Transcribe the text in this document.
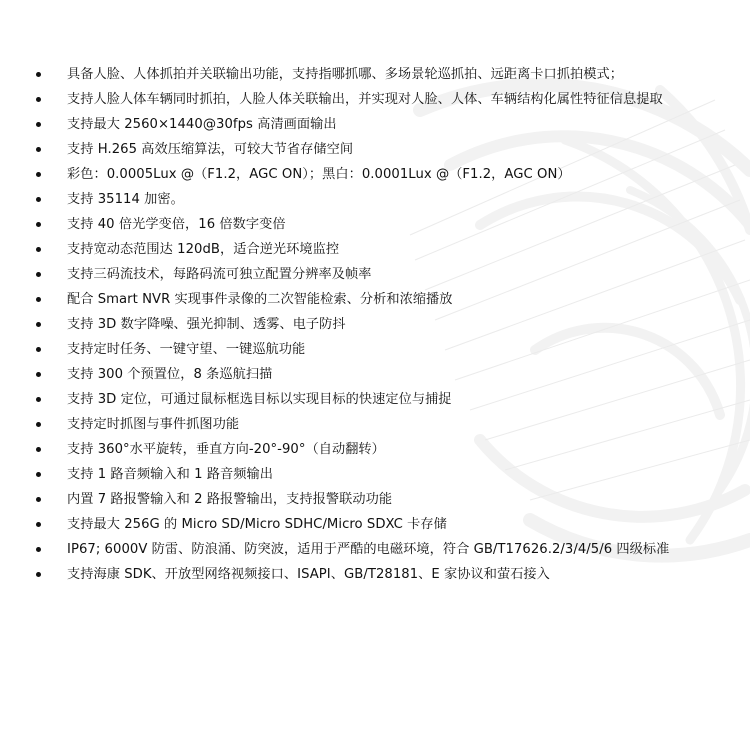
具备人脸、人体抓拍并关联输出功能，支持指哪抓哪、多场景轮巡抓拍、远距离卡口抓拍模式；
支持人脸人体车辆同时抓拍，人脸人体关联输出，并实现对人脸、人体、车辆结构化属性特征信息提取
支持最大 2560×1440@30fps 高清画面输出
支持 H.265 高效压缩算法，可较大节省存储空间
彩色：0.0005Lux @（F1.2，AGC ON）；黑白：0.0001Lux @（F1.2，AGC ON）
支持 35114 加密。
支持 40 倍光学变倍，16 倍数字变倍
支持宽动态范围达 120dB，适合逆光环境监控
支持三码流技术，每路码流可独立配置分辨率及帧率
配合 Smart NVR 实现事件录像的二次智能检索、分析和浓缩播放
支持 3D 数字降噪、强光抑制、透雾、电子防抖
支持定时任务、一键守望、一键巡航功能
支持 300 个预置位，8 条巡航扫描
支持 3D 定位，可通过鼠标框选目标以实现目标的快速定位与捕捉
支持定时抓图与事件抓图功能
支持 360°水平旋转，垂直方向-20°-90°（自动翻转）
支持 1 路音频输入和 1 路音频输出
内置 7 路报警输入和 2 路报警输出，支持报警联动功能
支持最大 256G 的 Micro SD/Micro SDHC/Micro SDXC 卡存储
IP67; 6000V 防雷、防浪涌、防突波，适用于严酷的电磁环境，符合 GB/T17626.2/3/4/5/6 四级标准
支持海康 SDK、开放型网络视频接口、ISAPI、GB/T28181、E 家协议和萤石接入
